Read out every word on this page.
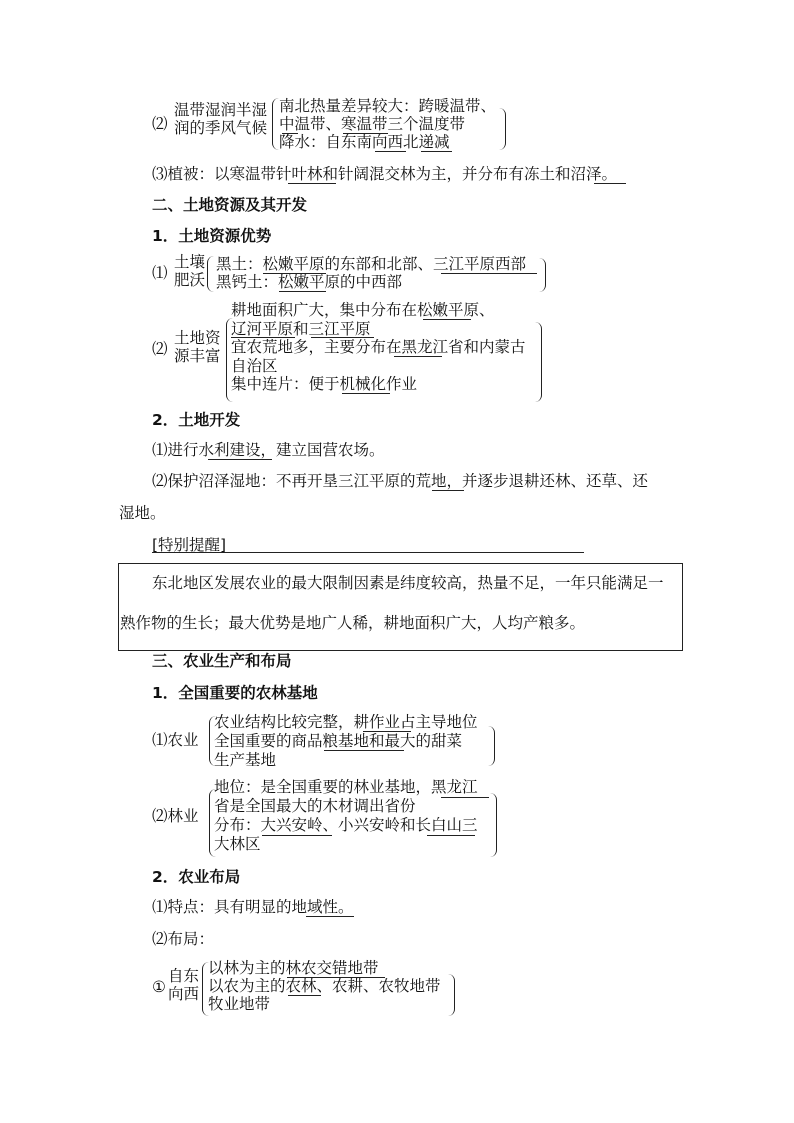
⑵
温带湿润半湿
润的季风气候
南北热量差异较大：跨暖温带、
中温带、寒温带三个温度带
降水：自东南向西北递减
⑶植被：以寒温带针叶林和针阔混交林为主，并分布有冻土和沼泽。
二、土地资源及其开发
1．土地资源优势
⑴
土壤
肥沃
黑土：松嫩平原的东部和北部、三江平原西部
黑钙土：松嫩平原的中西部
⑵
土地资
源丰富
耕地面积广大，集中分布在松嫩平原、
辽河平原和三江平原
宜农荒地多，主要分布在黑龙江省和内蒙古
自治区
集中连片：便于机械化作业
2．土地开发
⑴进行水利建设，建立国营农场。
⑵保护沼泽湿地：不再开垦三江平原的荒地，并逐步退耕还林、还草、还
湿地。
[特别提醒]
东北地区发展农业的最大限制因素是纬度较高，热量不足，一年只能满足一
熟作物的生长；最大优势是地广人稀，耕地面积广大，人均产粮多。
三、农业生产和布局
1．全国重要的农林基地
⑴农业
农业结构比较完整，耕作业占主导地位
全国重要的商品粮基地和最大的甜菜
生产基地
⑵林业
地位：是全国重要的林业基地，黑龙江
省是全国最大的木材调出省份
分布：大兴安岭、小兴安岭和长白山三
大林区
2．农业布局
⑴特点：具有明显的地域性。
⑵布局：
①
自东
向西
以林为主的林农交错地带
以农为主的农林、农耕、农牧地带
牧业地带
